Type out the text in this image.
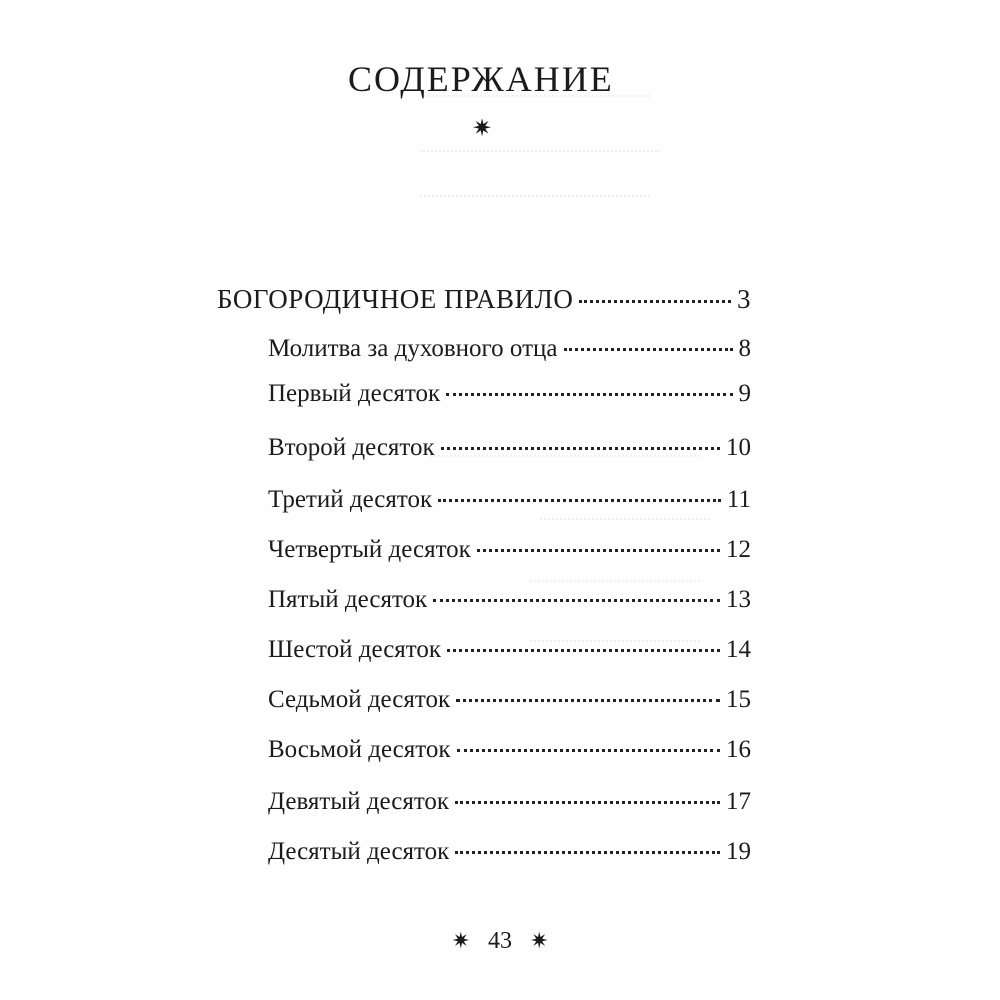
СОДЕРЖАНИЕ
✷
БОГОРОДИЧНОЕ ПРАВИЛО	3
Молитва за духовного отца	8
Первый десяток	9
Второй десяток	10
Третий десяток	11
Четвертый десяток	12
Пятый десяток	13
Шестой десяток	14
Седьмой десяток	15
Восьмой десяток	16
Девятый десяток	17
Десятый десяток	19
✷ 43 ✷
